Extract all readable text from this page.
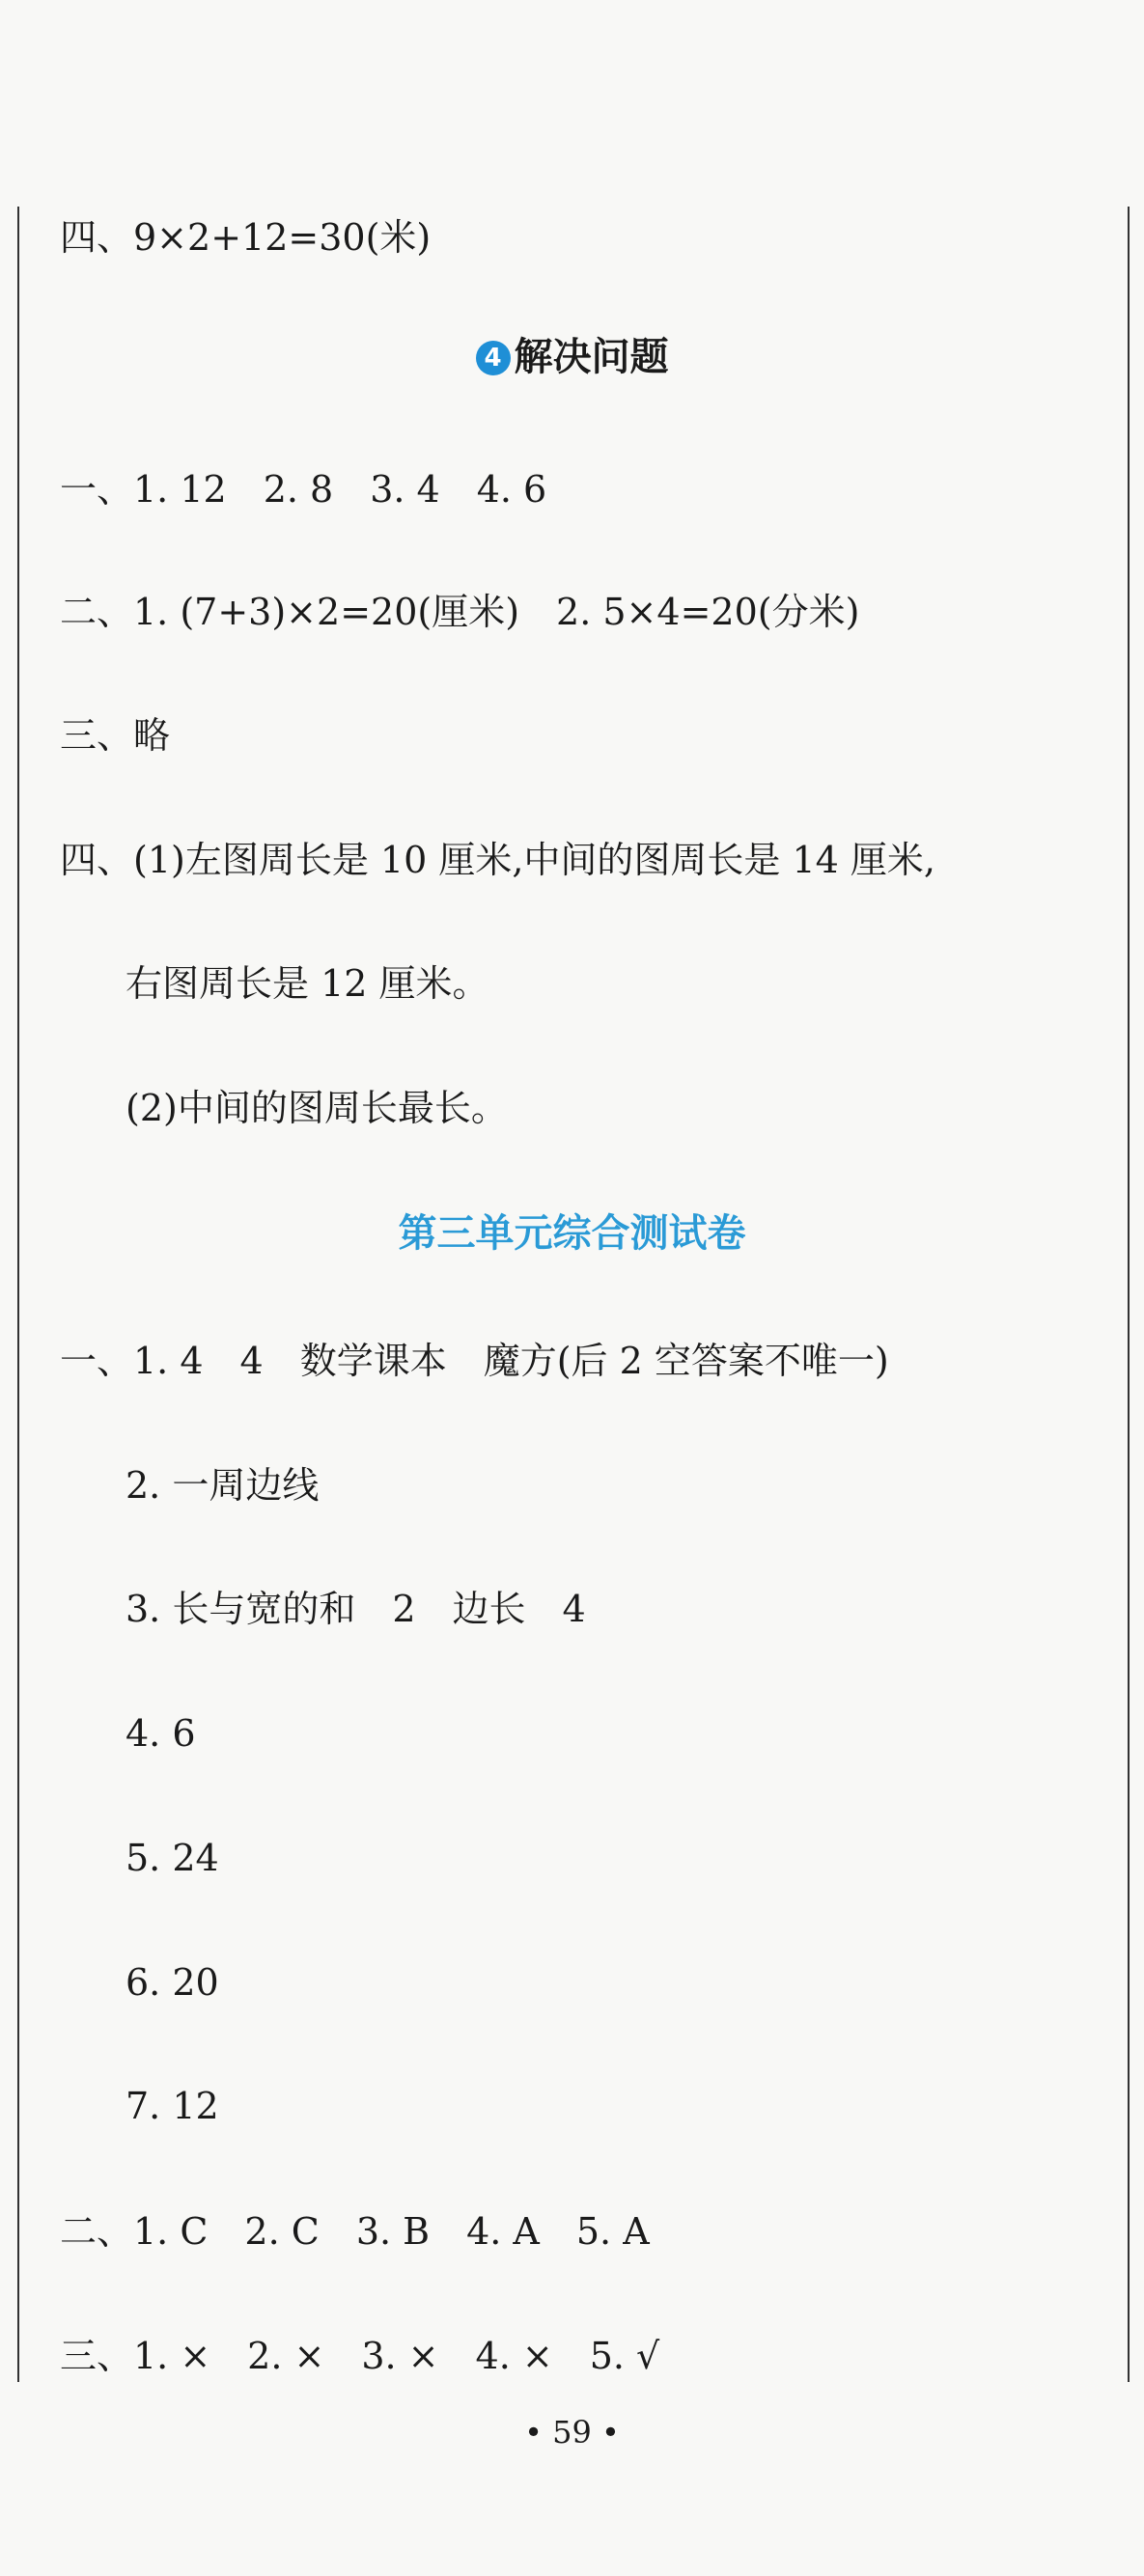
四、9×2+12=30(米)
4 解决问题
一、1. 12　2. 8　3. 4　4. 6
二、1. (7+3)×2=20(厘米)　2. 5×4=20(分米)
三、略
四、(1)左图周长是 10 厘米,中间的图周长是 14 厘米,
右图周长是 12 厘米。
(2)中间的图周长最长。
第三单元综合测试卷
一、1. 4　4　数学课本　魔方(后 2 空答案不唯一)
2. 一周边线
3. 长与宽的和　2　边长　4
4. 6
5. 24
6. 20
7. 12
二、1. C　2. C　3. B　4. A　5. A
三、1. ×　2. ×　3. ×　4. ×　5. √
• 59 •
